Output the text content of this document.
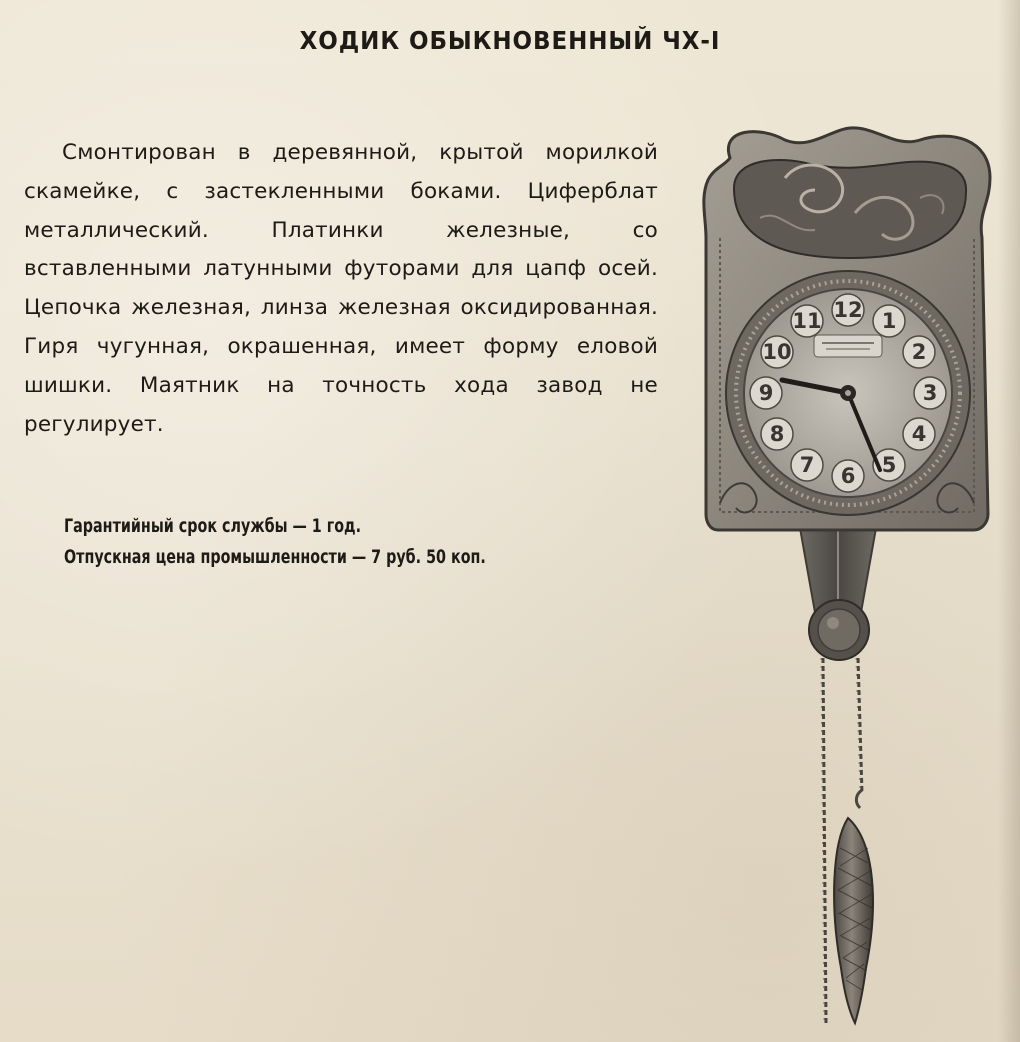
ХОДИК ОБЫКНОВЕННЫЙ ЧХ-І

Смонтирован в деревянной, крытой морилкой скамейке, с застекленными боками. Циферблат металлический. Платинки железные, со вставленными латунными футорами для цапф осей. Цепочка железная, линза железная оксидированная. Гиря чугунная, окрашенная, имеет форму еловой шишки. Маятник на точность хода завод не регулирует.

Гарантийный срок службы — 1 год.
Отпускная цена промышленности — 7 руб. 50 коп.
12 1
2
3
4
5
6
7
8
9
10
11
